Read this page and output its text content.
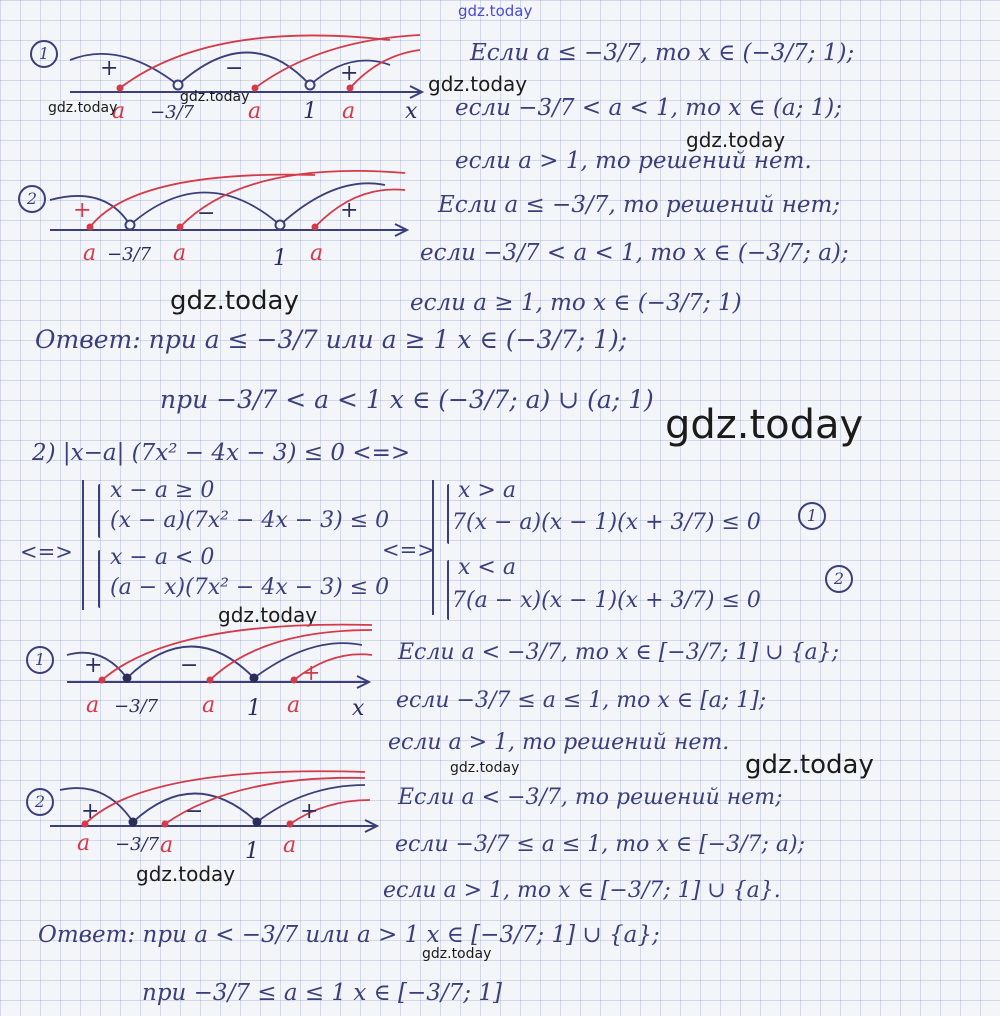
gdz.today
1
+	−	+
a −3/7 a 1 a x
gdz.today
gdz.today
gdz.today
Если a ≤ −3/7, то x ∈ (−3/7; 1);
если −3/7 < a < 1, то x ∈ (a; 1);
gdz.today
если a > 1, то решений нет.
2	+	−	+
a −3/7 a	1 a
Если a ≤ −3/7, то решений нет;
если −3/7 < a < 1, то x ∈ (−3/7; a);
если a ≥ 1, то x ∈ (−3/7; 1)
gdz.today
Ответ: при a ≤ −3/7 или a ≥ 1 x ∈ (−3/7; 1);
при −3/7 < a < 1 x ∈ (−3/7; a) ∪ (a; 1)
gdz.today
2) |x−a| (7x² − 4x − 3) ≤ 0 <=>
<=>
x − a ≥ 0
(x − a)(7x² − 4x − 3) ≤ 0
x − a < 0
(a − x)(7x² − 4x − 3) ≤ 0
<=>
x > a
7(x − a)(x − 1)(x + 3/7) ≤ 0	1
x < a
7(a − x)(x − 1)(x + 3/7) ≤ 0
2
gdz.today
1	+	−	+
a −3/7 a 1 a x
Если a < −3/7, то x ∈ [−3/7; 1] ∪ {a};
если −3/7 ≤ a ≤ 1, то x ∈ [a; 1];
если a > 1, то решений нет.
gdz.today	gdz.today
2	+	−	+
a −3/7 a	1 a
gdz.today
Если a < −3/7, то решений нет;
если −3/7 ≤ a ≤ 1, то x ∈ [−3/7; a);
если a > 1, то x ∈ [−3/7; 1] ∪ {a}.
Ответ: при a < −3/7 или a > 1 x ∈ [−3/7; 1] ∪ {a};
gdz.today
при −3/7 ≤ a ≤ 1 x ∈ [−3/7; 1]
